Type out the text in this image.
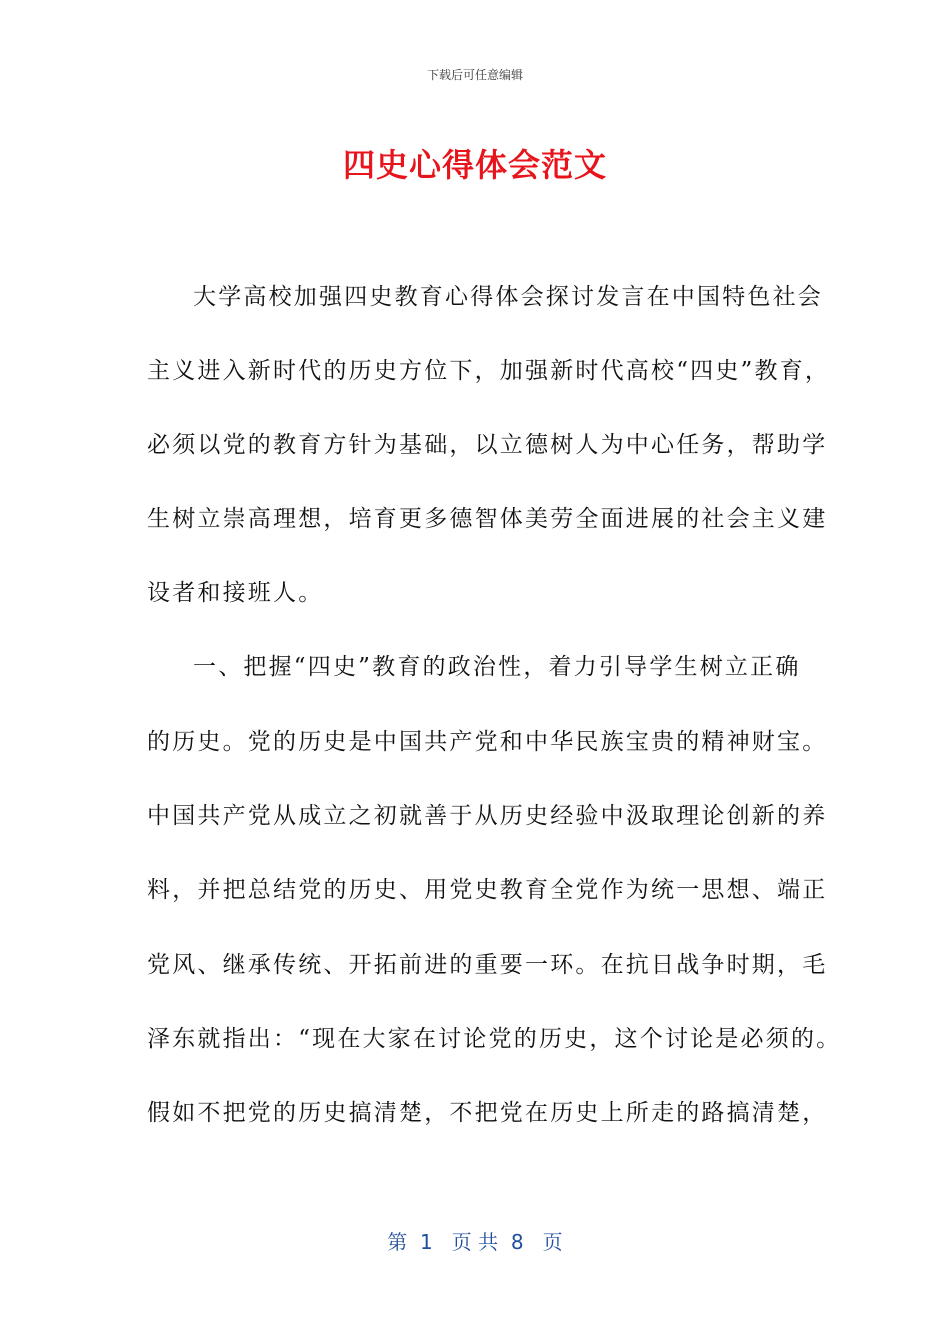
下载后可任意编辑
四史心得体会范文
大学高校加强四史教育心得体会探讨发言在中国特色社会
主义进入新时代的历史方位下，加强新时代高校“四史”教育，
必须以党的教育方针为基础，以立德树人为中心任务，帮助学
生树立崇高理想，培育更多德智体美劳全面进展的社会主义建
设者和接班人。
一、把握“四史”教育的政治性，着力引导学生树立正确
的历史。党的历史是中国共产党和中华民族宝贵的精神财宝。
中国共产党从成立之初就善于从历史经验中汲取理论创新的养
料，并把总结党的历史、用党史教育全党作为统一思想、端正
党风、继承传统、开拓前进的重要一环。在抗日战争时期，毛
泽东就指出：“现在大家在讨论党的历史，这个讨论是必须的。
假如不把党的历史搞清楚，不把党在历史上所走的路搞清楚，
第  1   页 共  8   页
